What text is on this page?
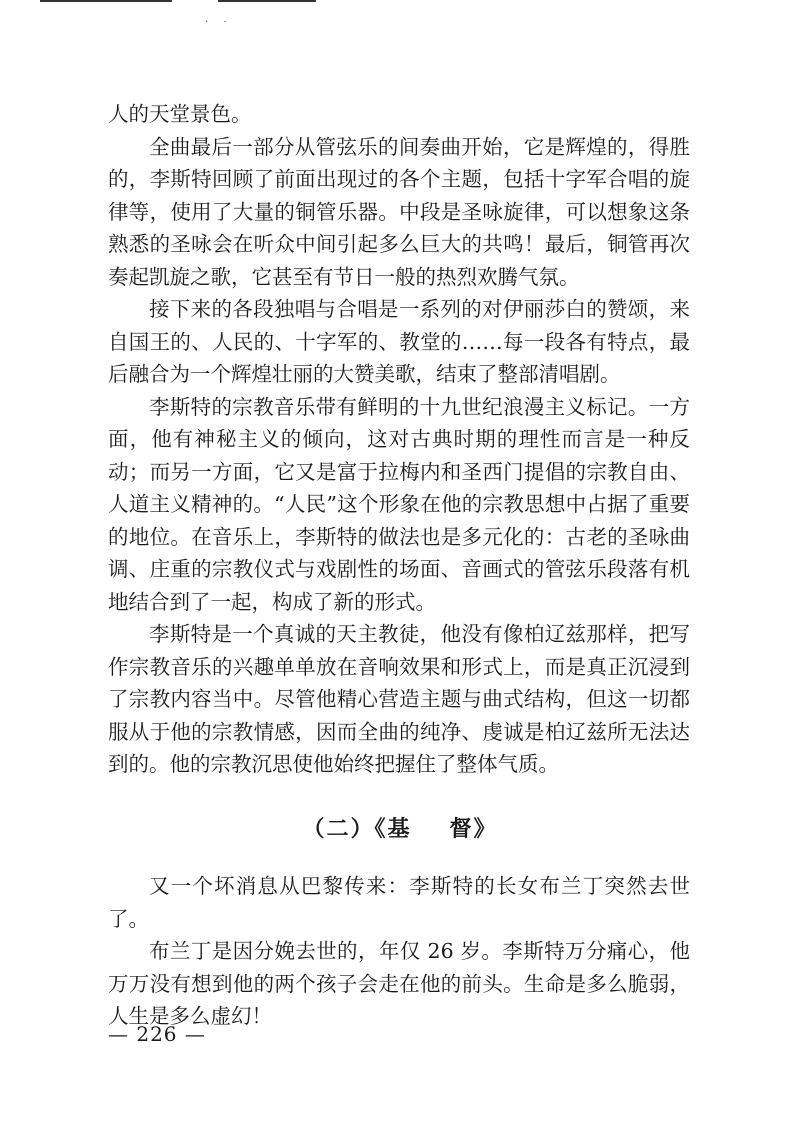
. .

人的天堂景色。

全曲最后一部分从管弦乐的间奏曲开始，它是辉煌的，得胜的，李斯特回顾了前面出现过的各个主题，包括十字军合唱的旋律等，使用了大量的铜管乐器。中段是圣咏旋律，可以想象这条熟悉的圣咏会在听众中间引起多么巨大的共鸣！最后，铜管再次奏起凯旋之歌，它甚至有节日一般的热烈欢腾气氛。

接下来的各段独唱与合唱是一系列的对伊丽莎白的赞颂，来自国王的、人民的、十字军的、教堂的……每一段各有特点，最后融合为一个辉煌壮丽的大赞美歌，结束了整部清唱剧。

李斯特的宗教音乐带有鲜明的十九世纪浪漫主义标记。一方面，他有神秘主义的倾向，这对古典时期的理性而言是一种反动；而另一方面，它又是富于拉梅内和圣西门提倡的宗教自由、人道主义精神的。“人民”这个形象在他的宗教思想中占据了重要的地位。在音乐上，李斯特的做法也是多元化的：古老的圣咏曲调、庄重的宗教仪式与戏剧性的场面、音画式的管弦乐段落有机地结合到了一起，构成了新的形式。

李斯特是一个真诚的天主教徒，他没有像柏辽兹那样，把写作宗教音乐的兴趣单单放在音响效果和形式上，而是真正沉浸到了宗教内容当中。尽管他精心营造主题与曲式结构，但这一切都服从于他的宗教情感，因而全曲的纯净、虔诚是柏辽兹所无法达到的。他的宗教沉思使他始终把握住了整体气质。

（二）《基 督》

又一个坏消息从巴黎传来：李斯特的长女布兰丁突然去世了。

布兰丁是因分娩去世的，年仅 26 岁。李斯特万分痛心，他万万没有想到他的两个孩子会走在他的前头。生命是多么脆弱，人生是多么虚幻！

— 226 —
